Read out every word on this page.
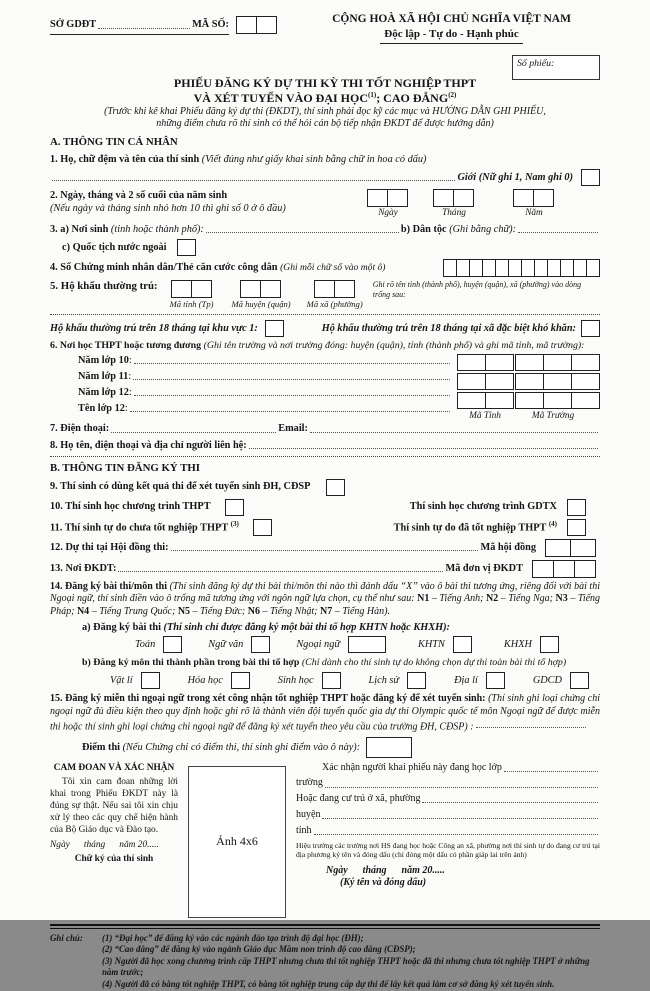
SỞ GDĐT	MÃ SỐ:
	CỘNG HOÀ XÃ HỘI CHỦ NGHĨA VIỆT NAM
Độc lập - Tự do - Hạnh phúc
Số phiếu:
PHIẾU ĐĂNG KÝ DỰ THI KỲ THI TỐT NGHIỆP THPT
VÀ XÉT TUYỂN VÀO ĐẠI HỌC$^{(1)}$; CAO ĐẲNG$^{(2)}$
(Trước khi kê khai Phiếu đăng ký dự thi (ĐKDT), thí sinh phải đọc kỹ các mục và HƯỚNG DẪN GHI PHIẾU,
những điểm chưa rõ thí sinh có thể hỏi cán bộ tiếp nhận ĐKDT để được hướng dẫn)
A. THÔNG TIN CÁ NHÂN
1. Họ, chữ đệm và tên của thí sinh
(Viết đúng như giấy khai sinh bằng chữ in hoa có dấu)
Giới (Nữ ghi 1, Nam ghi 0)
2. Ngày, tháng và 2 số cuối của năm sinh
(Nếu ngày và tháng sinh nhỏ hơn 10 thì ghi số 0 ở ô đầu)	Ngày	Tháng	Năm
3. a) Nơi sinh
(tỉnh hoặc thành phố):	b) Dân tộc
(Ghi bằng chữ):
c) Quốc tịch nước ngoài
4. Số Chứng minh nhân dân/Thẻ căn cước công dân
(Ghi mỗi chữ số vào một ô)
5. Hộ khẩu thường trú:
Mã tỉnh (Tp) Mã huyện (quận) Mã xã (phường)
Ghi rõ tên tỉnh (thành phố), huyện (quận), xã (phường) vào dòng trống sau:
Hộ khẩu thường trú trên 18 tháng tại khu vực 1:	Hộ khẩu thường trú trên 18 tháng tại xã đặc biệt khó khăn:
6. Nơi học THPT hoặc tương đương (Ghi tên trường và nơi trường đóng: huyện (quận), tỉnh (thành phố) và ghi mã tỉnh, mã trường):
Năm lớp 10 :
Năm lớp 11 :
Năm lớp 12 :
Tên lớp 12 :
Mã Tỉnh	Mã Trường
7. Điện thoại:	Email:
8. Họ tên, điện thoại và địa chỉ người liên hệ:
B. THÔNG TIN ĐĂNG KÝ THI
9. Thí sinh có dùng kết quả thi để xét tuyển sinh ĐH, CĐSP
10. Thí sinh học chương trình THPT	Thí sinh học chương trình GDTX
11. Thí sinh tự do chưa tốt nghiệp THPT $^{(3)}$	Thí sinh tự do đã tốt nghiệp THPT $^{(4)}$
12. Dự thi tại Hội đồng thi:	Mã hội đồng
13. Nơi ĐKDT:	Mã đơn vị ĐKDT
14. Đăng ký bài thi/môn thi (Thí sinh đăng ký dự thi bài thi/môn thi nào thì đánh dấu “X” vào ô bài thi tương ứng, riêng đối với bài thi Ngoại ngữ, thí sinh điền vào ô trống mã tương ứng với ngôn ngữ lựa chọn, cụ thể như sau: N1 – Tiếng Anh; N2 – Tiếng Nga; N3 – Tiếng Pháp; N4 – Tiếng Trung Quốc; N5 – Tiếng Đức; N6 – Tiếng Nhật; N7 – Tiếng Hàn).
a) Đăng ký bài thi (Thí sinh chỉ được đăng ký một bài thi tổ hợp KHTN hoặc KHXH):
Toán	Ngữ văn	Ngoại ngữ	KHTN	KHXH
b) Đăng ký môn thi thành phần trong bài thi tổ hợp (Chỉ dành cho thí sinh tự do không chọn dự thi toàn bài thi tổ hợp)
Vật lí	Hóa học	Sinh học	Lịch sử	Địa lí	GDCD
15. Đăng ký miễn thi ngoại ngữ trong xét công nhận tốt nghiệp THPT hoặc đăng ký để xét tuyển sinh: (Thí sinh ghi loại chứng chỉ ngoại ngữ đủ điều kiện theo quy định hoặc ghi rõ là thành viên đội tuyển quốc gia dự thi Olympic quốc tế môn Ngoại ngữ để được miễn thi hoặc thí sinh ghi loại chứng chỉ ngoại ngữ để đăng ký xét tuyển theo yêu cầu của trường ĐH, CĐSP) :
Điểm thi
(Nếu Chứng chỉ có điểm thi, thí sinh ghi điểm vào ô này):
CAM ĐOAN VÀ XÁC NHẬN
Tôi xin cam đoan những lời khai trong Phiếu ĐKDT này là đúng sự thật. Nếu sai tôi xin chịu xử lý theo các quy chế hiện hành của Bộ Giáo dục và Đào tạo.
Ngày      tháng      năm 20.....
Chữ ký của thí sinh
Ảnh 4x6
Xác nhận người khai phiếu này đang học lớp
trường
Hoặc đang cư trú ở xã, phường
huyện
tỉnh
Hiệu trưởng các trường nơi HS đang học hoặc Công an xã, phường nơi thí sinh tự do đang cư trú tại địa phương ký tên và đóng dấu (chỉ đóng một dấu có phần giáp lai trên ảnh)
Ngày      tháng      năm 20.....
(Ký tên và đóng dấu)
Ghi chú:	(1) “Đại học” để đăng ký vào các ngành đào tạo trình độ đại học (ĐH);
(2) “Cao đẳng” để đăng ký vào ngành Giáo dục Mầm non trình độ cao đẳng (CĐSP);
(3) Người đã học xong chương trình cấp THPT nhưng chưa thi tốt nghiệp THPT hoặc đã thi nhưng chưa tốt nghiệp THPT ở những năm trước;
(4) Người đã có bằng tốt nghiệp THPT, có bằng tốt nghiệp trung cấp dự thi để lấy kết quả làm cơ sở đăng ký xét tuyển sinh.
